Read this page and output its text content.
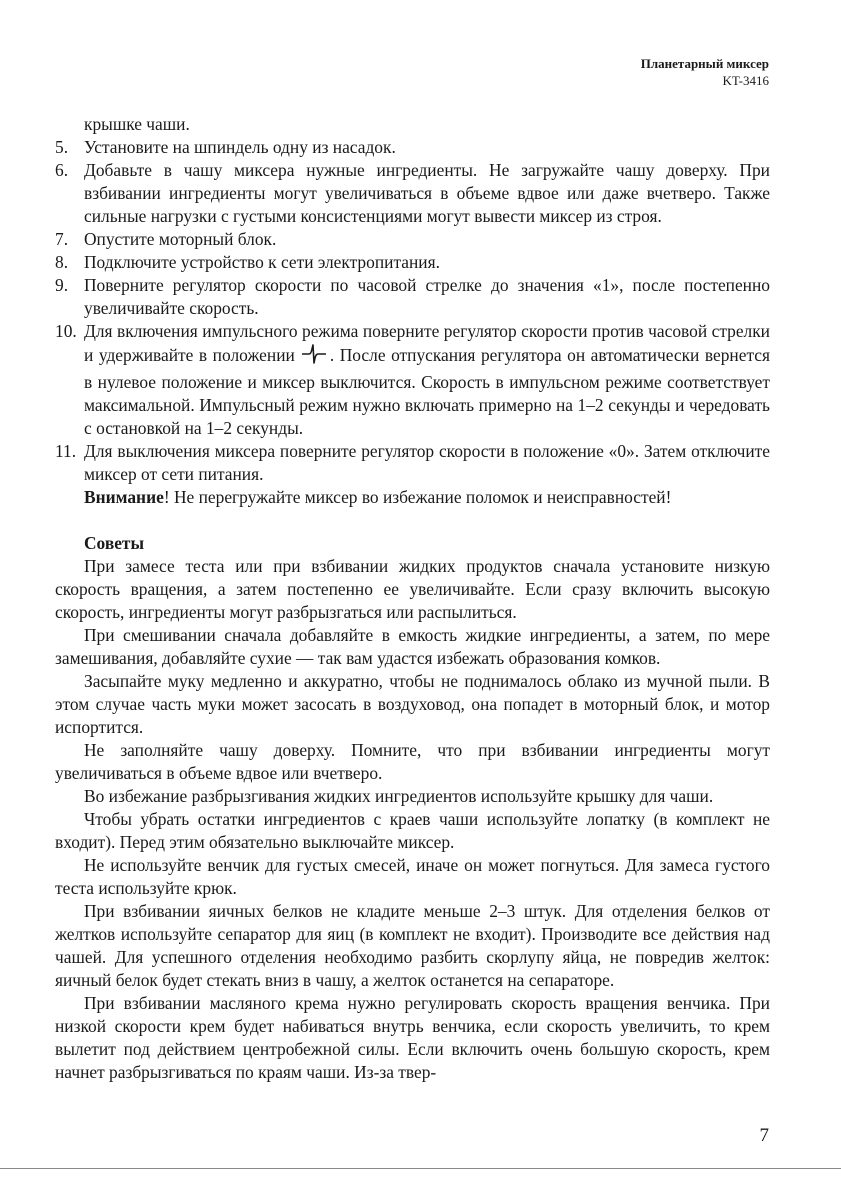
Планетарный миксер
KT-3416

крышке чаши.

5. Установите на шпиндель одну из насадок.
6. Добавьте в чашу миксера нужные ингредиенты. Не загружайте чашу доверху. При взбивании ингредиенты могут увеличиваться в объеме вдвое или даже вчетверо. Также сильные нагрузки с густыми консистенциями могут вывести миксер из строя.
7. Опустите моторный блок.
8. Подключите устройство к сети электропитания.
9. Поверните регулятор скорости по часовой стрелке до значения «1», после постепенно увеличивайте скорость.
10. Для включения импульсного режима поверните регулятор скорости против часовой стрелки и удерживайте в положении . После отпускания регулятора он автоматически вернется в нулевое положение и миксер выключится. Скорость в импульсном режиме соответствует максимальной. Импульсный режим нужно включать примерно на 1–2 секунды и чередовать с остановкой на 1–2 секунды.
11. Для выключения миксера поверните регулятор скорости в положение «0». Затем отключите миксер от сети питания.

Внимание! Не перегружайте миксер во избежание поломок и неисправностей!

Советы

При замесе теста или при взбивании жидких продуктов сначала установите низкую скорость вращения, а затем постепенно ее увеличивайте. Если сразу включить высокую скорость, ингредиенты могут разбрызгаться или распылиться.

При смешивании сначала добавляйте в емкость жидкие ингредиенты, а затем, по мере замешивания, добавляйте сухие — так вам удастся избежать образования комков.

Засыпайте муку медленно и аккуратно, чтобы не поднималось облако из мучной пыли. В этом случае часть муки может засосать в воздуховод, она попадет в моторный блок, и мотор испортится.

Не заполняйте чашу доверху. Помните, что при взбивании ингредиенты могут увеличиваться в объеме вдвое или вчетверо.

Во избежание разбрызгивания жидких ингредиентов используйте крышку для чаши.

Чтобы убрать остатки ингредиентов с краев чаши используйте лопатку (в комплект не входит). Перед этим обязательно выключайте миксер.

Не используйте венчик для густых смесей, иначе он может погнуться. Для замеса густого теста используйте крюк.

При взбивании яичных белков не кладите меньше 2–3 штук. Для отделения белков от желтков используйте сепаратор для яиц (в комплект не входит). Производите все действия над чашей. Для успешного отделения необходимо разбить скорлупу яйца, не повредив желток: яичный белок будет стекать вниз в чашу, а желток останется на сепараторе.

При взбивании масляного крема нужно регулировать скорость вращения венчика. При низкой скорости крем будет набиваться внутрь венчика, если скорость увеличить, то крем вылетит под действием центробежной силы. Если включить очень большую скорость, крем начнет разбрызгиваться по краям чаши. Из-за твер-

7
